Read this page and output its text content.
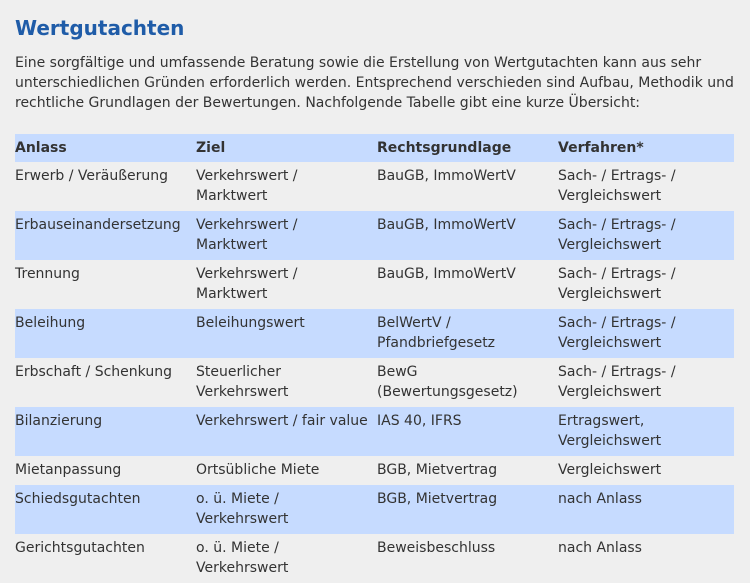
Wertgutachten

Eine sorgfältige und umfassende Beratung sowie die Erstellung von Wertgutachten kann aus sehr unterschiedlichen Gründen erforderlich werden. Entsprechend verschieden sind Aufbau, Methodik und rechtliche Grundlagen der Bewertungen. Nachfolgende Tabelle gibt eine kurze Übersicht:

Anlass	Ziel	Rechtsgrundlage	Verfahren*
Erwerb / Veräußerung	Verkehrswert / Marktwert	BauGB, ImmoWertV	Sach- / Ertrags- / Vergleichswert
Erbauseinandersetzung	Verkehrswert / Marktwert	BauGB, ImmoWertV	Sach- / Ertrags- / Vergleichswert
Trennung	Verkehrswert / Marktwert	BauGB, ImmoWertV	Sach- / Ertrags- / Vergleichswert
Beleihung	Beleihungswert	BelWertV / Pfandbriefgesetz	Sach- / Ertrags- / Vergleichswert
Erbschaft / Schenkung	Steuerlicher Verkehrswert	BewG (Bewertungsgesetz)	Sach- / Ertrags- / Vergleichswert
Bilanzierung	Verkehrswert / fair value	IAS 40, IFRS	Ertragswert, Vergleichswert
Mietanpassung	Ortsübliche Miete	BGB, Mietvertrag	Vergleichswert
Schiedsgutachten	o. ü. Miete / Verkehrswert	BGB, Mietvertrag	nach Anlass
Gerichtsgutachten	o. ü. Miete / Verkehrswert	Beweisbeschluss	nach Anlass
